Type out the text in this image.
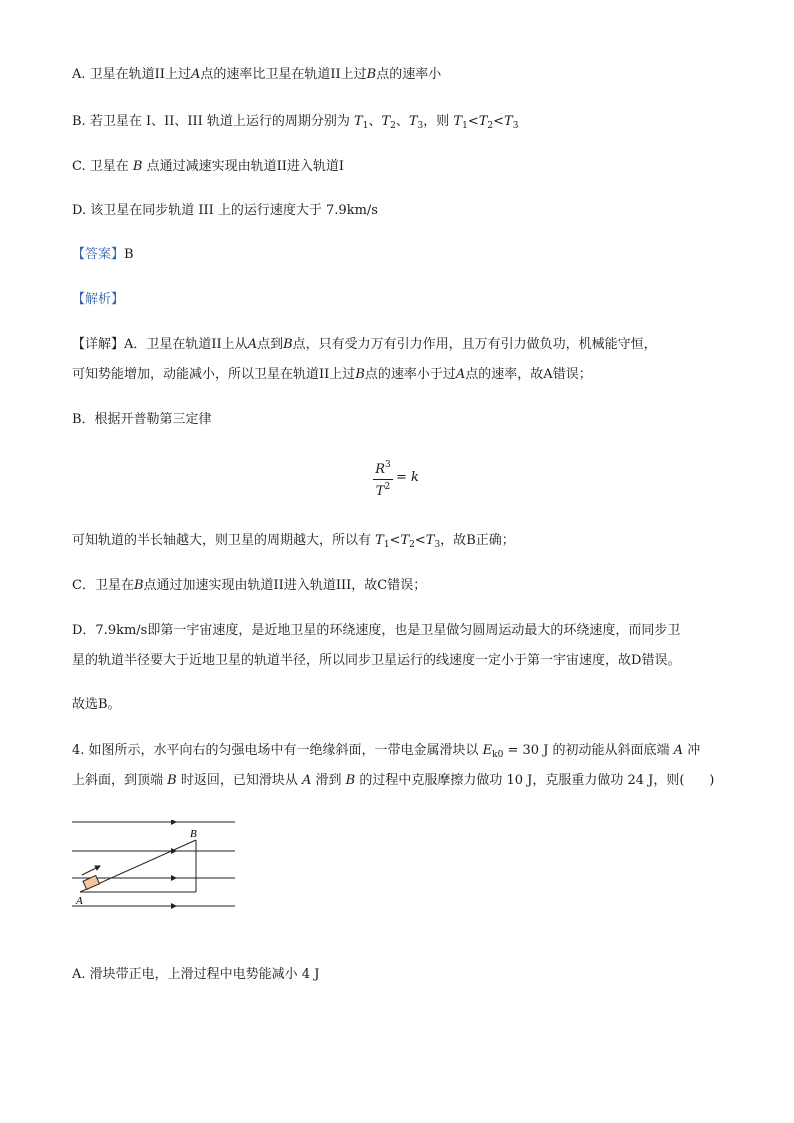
A. 卫星在轨道II上过A点的速率比卫星在轨道II上过B点的速率小
B. 若卫星在 I、II、III 轨道上运行的周期分别为 $T_1$、$T_2$、$T_3$，则 $T_1<T_2<T_3$
C. 卫星在 B 点通过减速实现由轨道II进入轨道I
D. 该卫星在同步轨道 III 上的运行速度大于 7.9km/s
【答案】B
【解析】
【详解】A．卫星在轨道II上从A点到B点，只有受力万有引力作用，且万有引力做负功，机械能守恒，
可知势能增加，动能减小，所以卫星在轨道II上过B点的速率小于过A点的速率，故A错误；
B．根据开普勒第三定律
$R^3$
$T^2$
= k
可知轨道的半长轴越大，则卫星的周期越大，所以有 $T_1<T_2<T_3$，故B正确；
C．卫星在B点通过加速实现由轨道II进入轨道III，故C错误；
D．7.9km/s即第一宇宙速度，是近地卫星的环绕速度，也是卫星做匀圆周运动最大的环绕速度，而同步卫
星的轨道半径要大于近地卫星的轨道半径，所以同步卫星运行的线速度一定小于第一宇宙速度，故D错误。
故选B。
4. 如图所示，水平向右的匀强电场中有一绝缘斜面，一带电金属滑块以 $E_{k0} = 30$ J 的初动能从斜面底端 A 冲
上斜面，到顶端 B 时返回，已知滑块从 A 滑到 B 的过程中克服摩擦力做功 10 J，克服重力做功 24 J，则( )
A
B
A. 滑块带正电，上滑过程中电势能减小 4 J
